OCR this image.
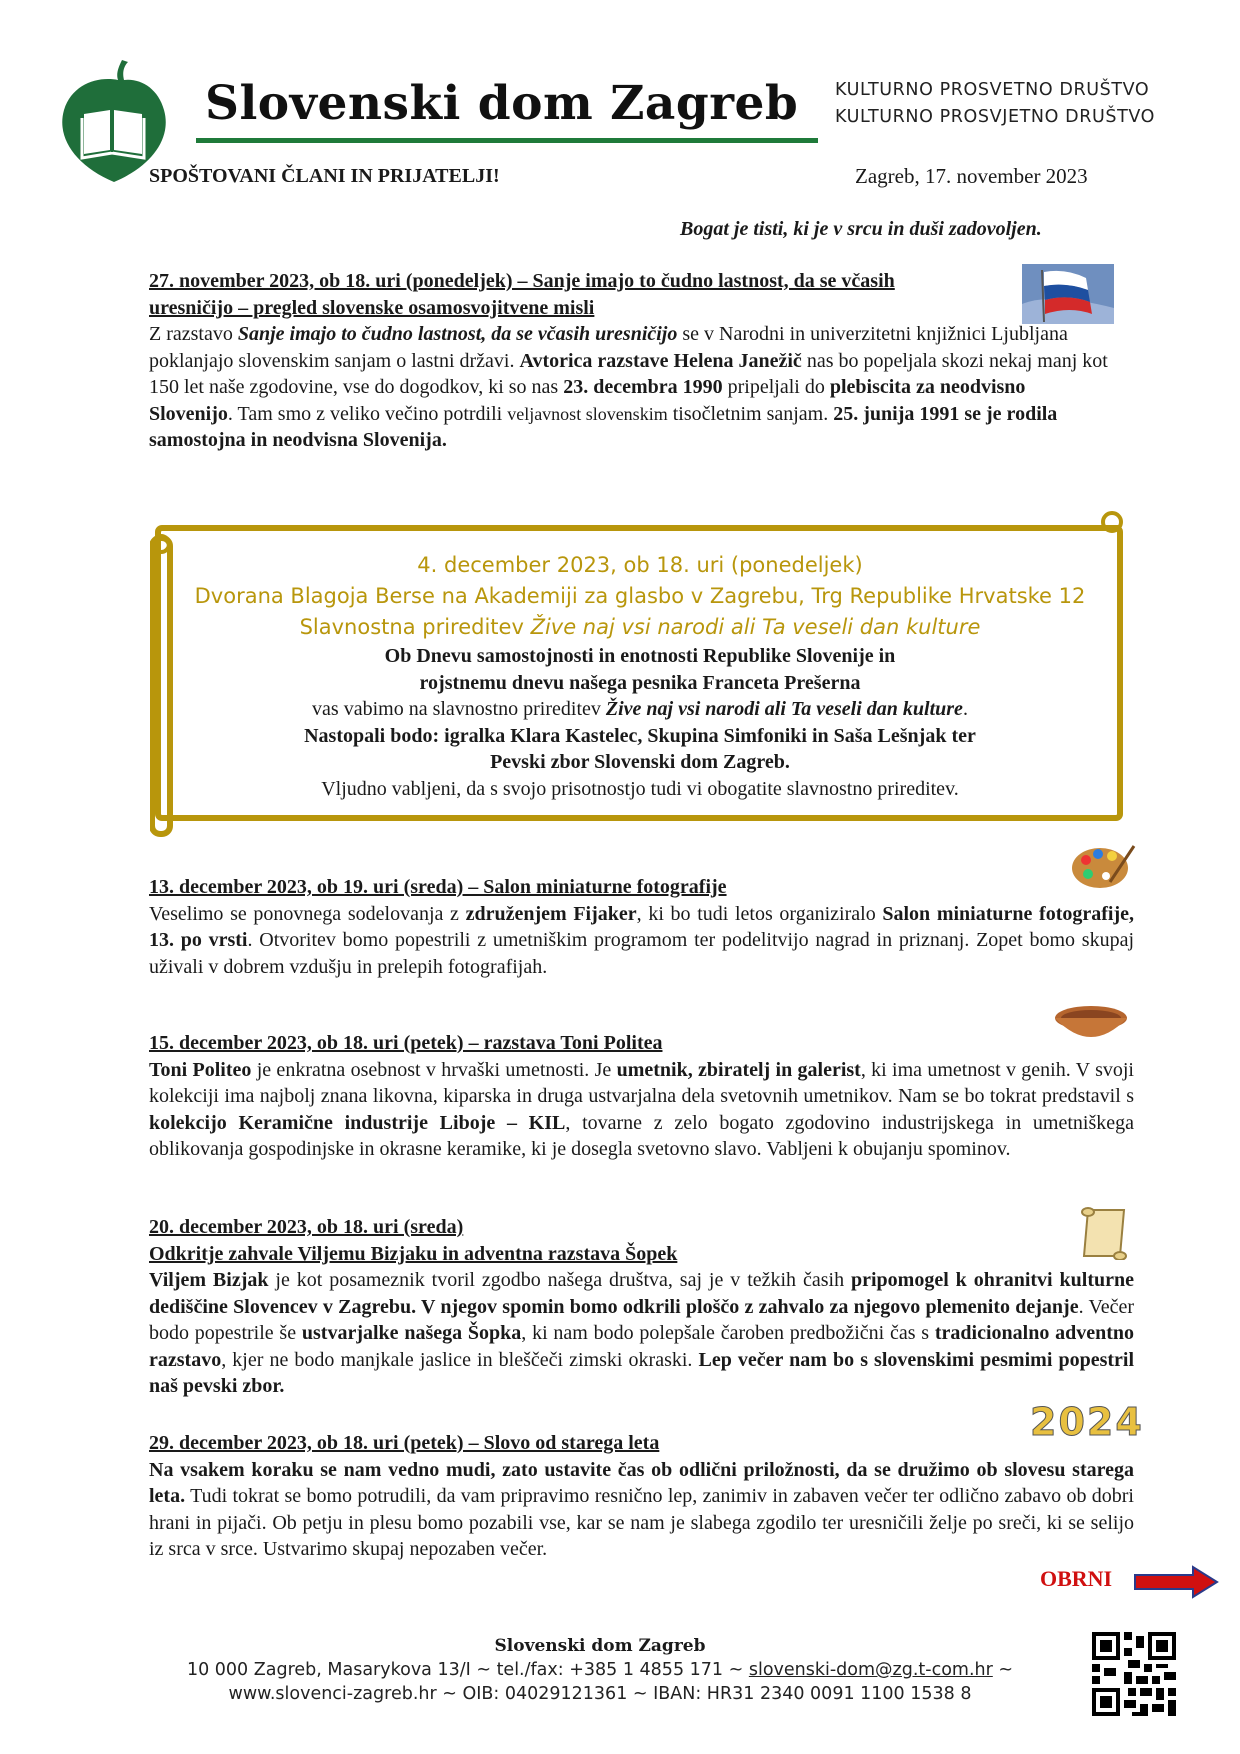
Slovenski dom Zagreb KULTURNO PROSVETNO DRUŠTVO
KULTURNO PROSVJETNO DRUŠTVO
SPOŠTOVANI ČLANI IN PRIJATELJI!	Zagreb, 17. november 2023
Bogat je tisti, ki je v srcu in duši zadovoljen.
27. november 2023, ob 18. uri (ponedeljek) – Sanje imajo to čudno lastnost, da se včasih
uresničijo – pregled slovenske osamosvojitvene misli
Z razstavo Sanje imajo to čudno lastnost, da se včasih uresničijo se v Narodni in univerzitetni knjižnici Ljubljana poklanjajo slovenskim sanjam o lastni državi. Avtorica razstave Helena Janežič nas bo popeljala skozi nekaj manj kot 150 let naše zgodovine, vse do dogodkov, ki so nas 23. decembra 1990 pripeljali do plebiscita za neodvisno Slovenijo. Tam smo z veliko večino potrdili veljavnost slovenskim tisočletnim sanjam. 25. junija 1991 se je rodila samostojna in neodvisna Slovenija.
4. december 2023, ob 18. uri (ponedeljek)
Dvorana Blagoja Berse na Akademiji za glasbo v Zagrebu, Trg Republike Hrvatske 12
Slavnostna prireditev Žive naj vsi narodi ali Ta veseli dan kulture
Ob Dnevu samostojnosti in enotnosti Republike Slovenije in
rojstnemu dnevu našega pesnika Franceta Prešerna
vas vabimo na slavnostno prireditev Žive naj vsi narodi ali Ta veseli dan kulture.
Nastopali bodo: igralka Klara Kastelec, Skupina Simfoniki in Saša Lešnjak ter
Pevski zbor Slovenski dom Zagreb.
Vljudno vabljeni, da s svojo prisotnostjo tudi vi obogatite slavnostno prireditev.
13. december 2023, ob 19. uri (sreda) – Salon miniaturne fotografije
Veselimo se ponovnega sodelovanja z združenjem Fijaker, ki bo tudi letos organiziralo Salon miniaturne fotografije, 13. po vrsti. Otvoritev bomo popestrili z umetniškim programom ter podelitvijo nagrad in priznanj. Zopet bomo skupaj uživali v dobrem vzdušju in prelepih fotografijah.
15. december 2023, ob 18. uri (petek) – razstava Toni Politea
Toni Politeo je enkratna osebnost v hrvaški umetnosti. Je umetnik, zbiratelj in galerist, ki ima umetnost v genih. V svoji kolekciji ima najbolj znana likovna, kiparska in druga ustvarjalna dela svetovnih umetnikov. Nam se bo tokrat predstavil s kolekcijo Keramične industrije Liboje – KIL, tovarne z zelo bogato zgodovino industrijskega in umetniškega oblikovanja gospodinjske in okrasne keramike, ki je dosegla svetovno slavo. Vabljeni k obujanju spominov.
20. december 2023, ob 18. uri (sreda)
Odkritje zahvale Viljemu Bizjaku in adventna razstava Šopek
Viljem Bizjak je kot posameznik tvoril zgodbo našega društva, saj je v težkih časih pripomogel k ohranitvi kulturne dediščine Slovencev v Zagrebu. V njegov spomin bomo odkrili ploščo z zahvalo za njegovo plemenito dejanje. Večer bodo popestrile še ustvarjalke našega Šopka, ki nam bodo polepšale čaroben predbožični čas s tradicionalno adventno razstavo, kjer ne bodo manjkale jaslice in bleščeči zimski okraski. Lep večer nam bo s slovenskimi pesmimi popestril naš pevski zbor.
2024
29. december 2023, ob 18. uri (petek) – Slovo od starega leta
Na vsakem koraku se nam vedno mudi, zato ustavite čas ob odlični priložnosti, da se družimo ob slovesu starega leta. Tudi tokrat se bomo potrudili, da vam pripravimo resnično lep, zanimiv in zabaven večer ter odlično zabavo ob dobri hrani in pijači. Ob petju in plesu bomo pozabili vse, kar se nam je slabega zgodilo ter uresničili želje po sreči, ki se selijo iz srca v srce. Ustvarimo skupaj nepozaben večer.
OBRNI
Slovenski dom Zagreb
10 000 Zagreb, Masarykova 13/I ~ tel./fax: +385 1 4855 171 ~ slovenski-dom@zg.t-com.hr ~
www.slovenci-zagreb.hr ~ OIB: 04029121361 ~ IBAN: HR31 2340 0091 1100 1538 8
